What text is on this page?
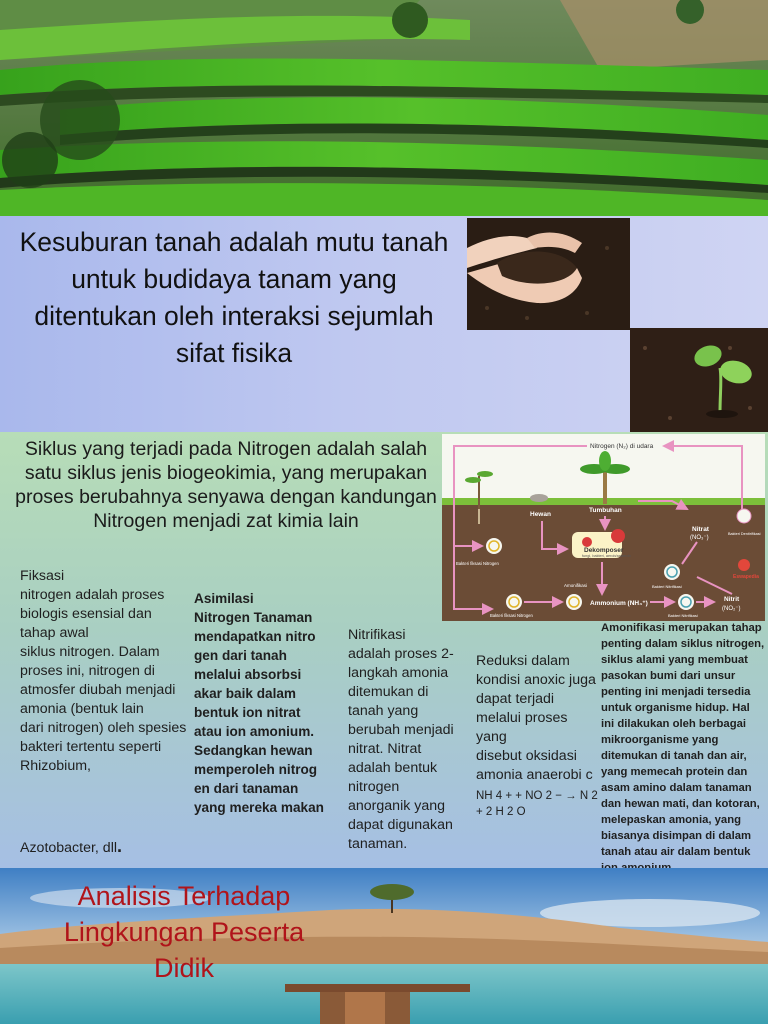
Kesuburan tanah adalah mutu tanah untuk budidaya tanam yang ditentukan oleh interaksi sejumlah sifat fisika

Siklus yang terjadi pada Nitrogen adalah salah satu siklus jenis biogeokimia, yang merupakan proses berubahnya senyawa dengan kandungan Nitrogen menjadi zat kimia lain

Nitrogen (N₂) di udara
Hewan
Tumbuhan
Dekomposer
fungi, bakteri, aerob/anaerob
Nitrat
(NO₃⁻)
Bakteri Denitrifikasi
Bakteri fiksasi Nitrogen
Amonifikasi	Bakteri Nitrifikasi
Eswapedia
Bakteri fiksasi Nitrogen
Ammonium (NH₄⁺)
Bakteri Nitrifikasi
Nitrit
(NO₂⁻)

Fiksasi
nitrogen adalah proses biologis esensial dan tahap awal
siklus nitrogen. Dalam proses ini, nitrogen di atmosfer diubah menjadi amonia (bentuk lain
dari nitrogen) oleh spesies bakteri tertentu seperti Rhizobium,

Azotobacter, dll.

Asimilasi
Nitrogen Tanaman mendapatkan nitro gen dari tanah melalui absorbsi akar baik dalam bentuk ion nitrat atau ion amonium. Sedangkan hewan memperoleh nitrog en dari tanaman yang mereka makan

Nitrifikasi
adalah proses 2-langkah amonia ditemukan di tanah yang berubah menjadi nitrat. Nitrat adalah bentuk nitrogen anorganik yang dapat digunakan tanaman.

Reduksi dalam kondisi anoxic juga dapat terjadi melalui proses yang
disebut oksidasi amonia anaerobi c

NH 4 + + NO 2 − → N 2 + 2 H 2 O

Amonifikasi merupakan tahap penting dalam siklus nitrogen, siklus alami yang membuat pasokan bumi dari unsur penting ini menjadi tersedia untuk organisme hidup. Hal ini dilakukan oleh berbagai mikroorganisme yang ditemukan di tanah dan air, yang memecah protein dan asam amino dalam tanaman dan hewan mati, dan kotoran, melepaskan amonia, yang biasanya disimpan di dalam tanah atau air dalam bentuk

Analisis Terhadap Lingkungan Peserta Didik
